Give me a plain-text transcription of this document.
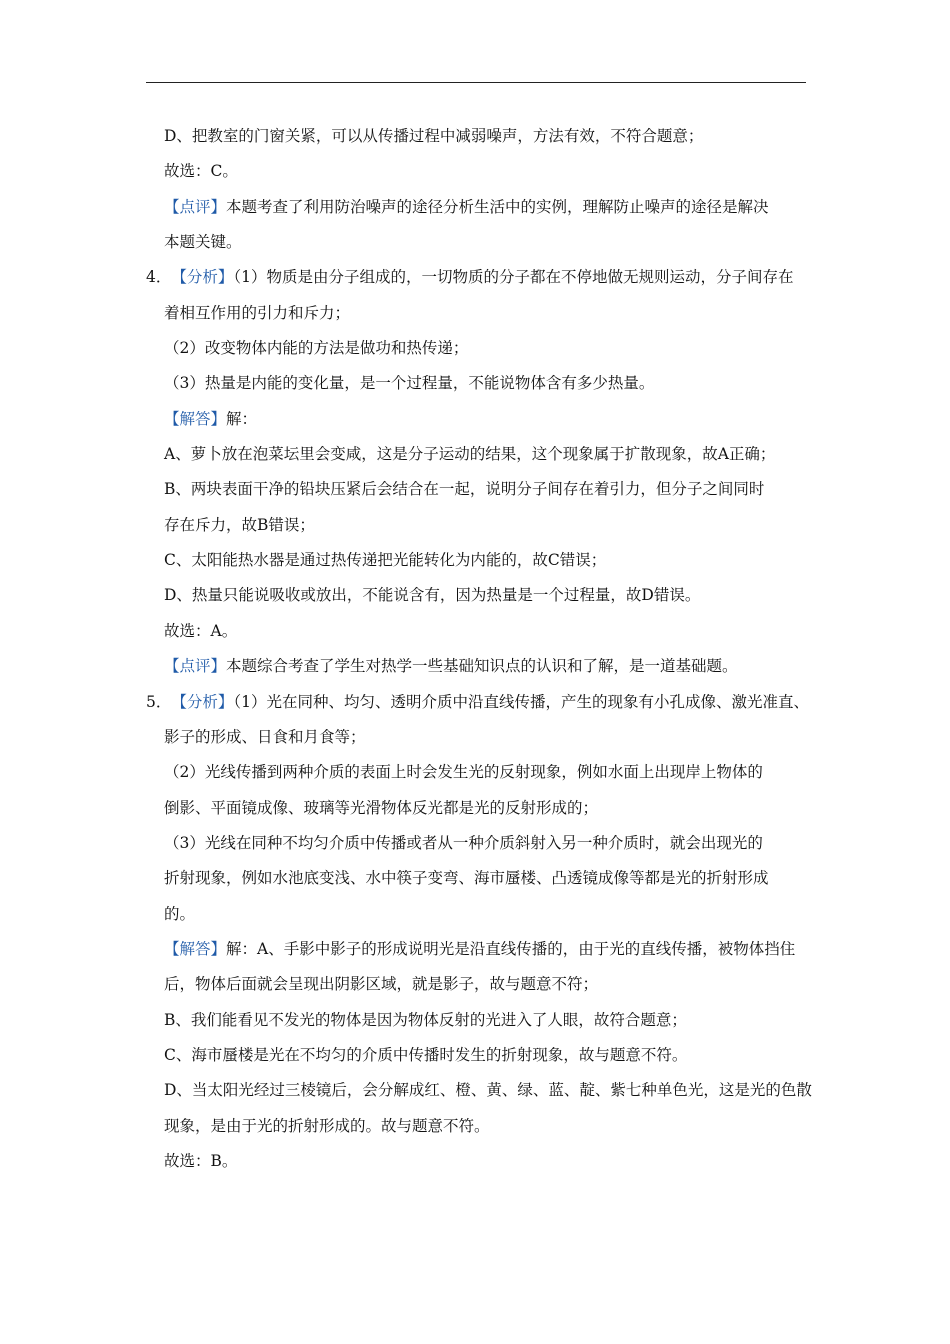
D、把教室的门窗关紧，可以从传播过程中减弱噪声，方法有效，不符合题意；
故选：C。
【点评】本题考查了利用防治噪声的途径分析生活中的实例，理解防止噪声的途径是解决
本题关键。
4．【分析】（1）物质是由分子组成的，一切物质的分子都在不停地做无规则运动，分子间存在
着相互作用的引力和斥力；
（2）改变物体内能的方法是做功和热传递；
（3）热量是内能的变化量，是一个过程量，不能说物体含有多少热量。
【解答】解：
A、萝卜放在泡菜坛里会变咸，这是分子运动的结果，这个现象属于扩散现象，故A正确；
B、两块表面干净的铅块压紧后会结合在一起，说明分子间存在着引力，但分子之间同时
存在斥力，故B错误；
C、太阳能热水器是通过热传递把光能转化为内能的，故C错误；
D、热量只能说吸收或放出，不能说含有，因为热量是一个过程量，故D错误。
故选：A。
【点评】本题综合考查了学生对热学一些基础知识点的认识和了解，是一道基础题。
5．【分析】（1）光在同种、均匀、透明介质中沿直线传播，产生的现象有小孔成像、激光准直、
影子的形成、日食和月食等；
（2）光线传播到两种介质的表面上时会发生光的反射现象，例如水面上出现岸上物体的
倒影、平面镜成像、玻璃等光滑物体反光都是光的反射形成的；
（3）光线在同种不均匀介质中传播或者从一种介质斜射入另一种介质时，就会出现光的
折射现象，例如水池底变浅、水中筷子变弯、海市蜃楼、凸透镜成像等都是光的折射形成
的。
【解答】解：A、手影中影子的形成说明光是沿直线传播的，由于光的直线传播，被物体挡住
后，物体后面就会呈现出阴影区域，就是影子，故与题意不符；
B、我们能看见不发光的物体是因为物体反射的光进入了人眼，故符合题意；
C、海市蜃楼是光在不均匀的介质中传播时发生的折射现象，故与题意不符。
D、当太阳光经过三棱镜后，会分解成红、橙、黄、绿、蓝、靛、紫七种单色光，这是光的色散
现象，是由于光的折射形成的。故与题意不符。
故选：B。
